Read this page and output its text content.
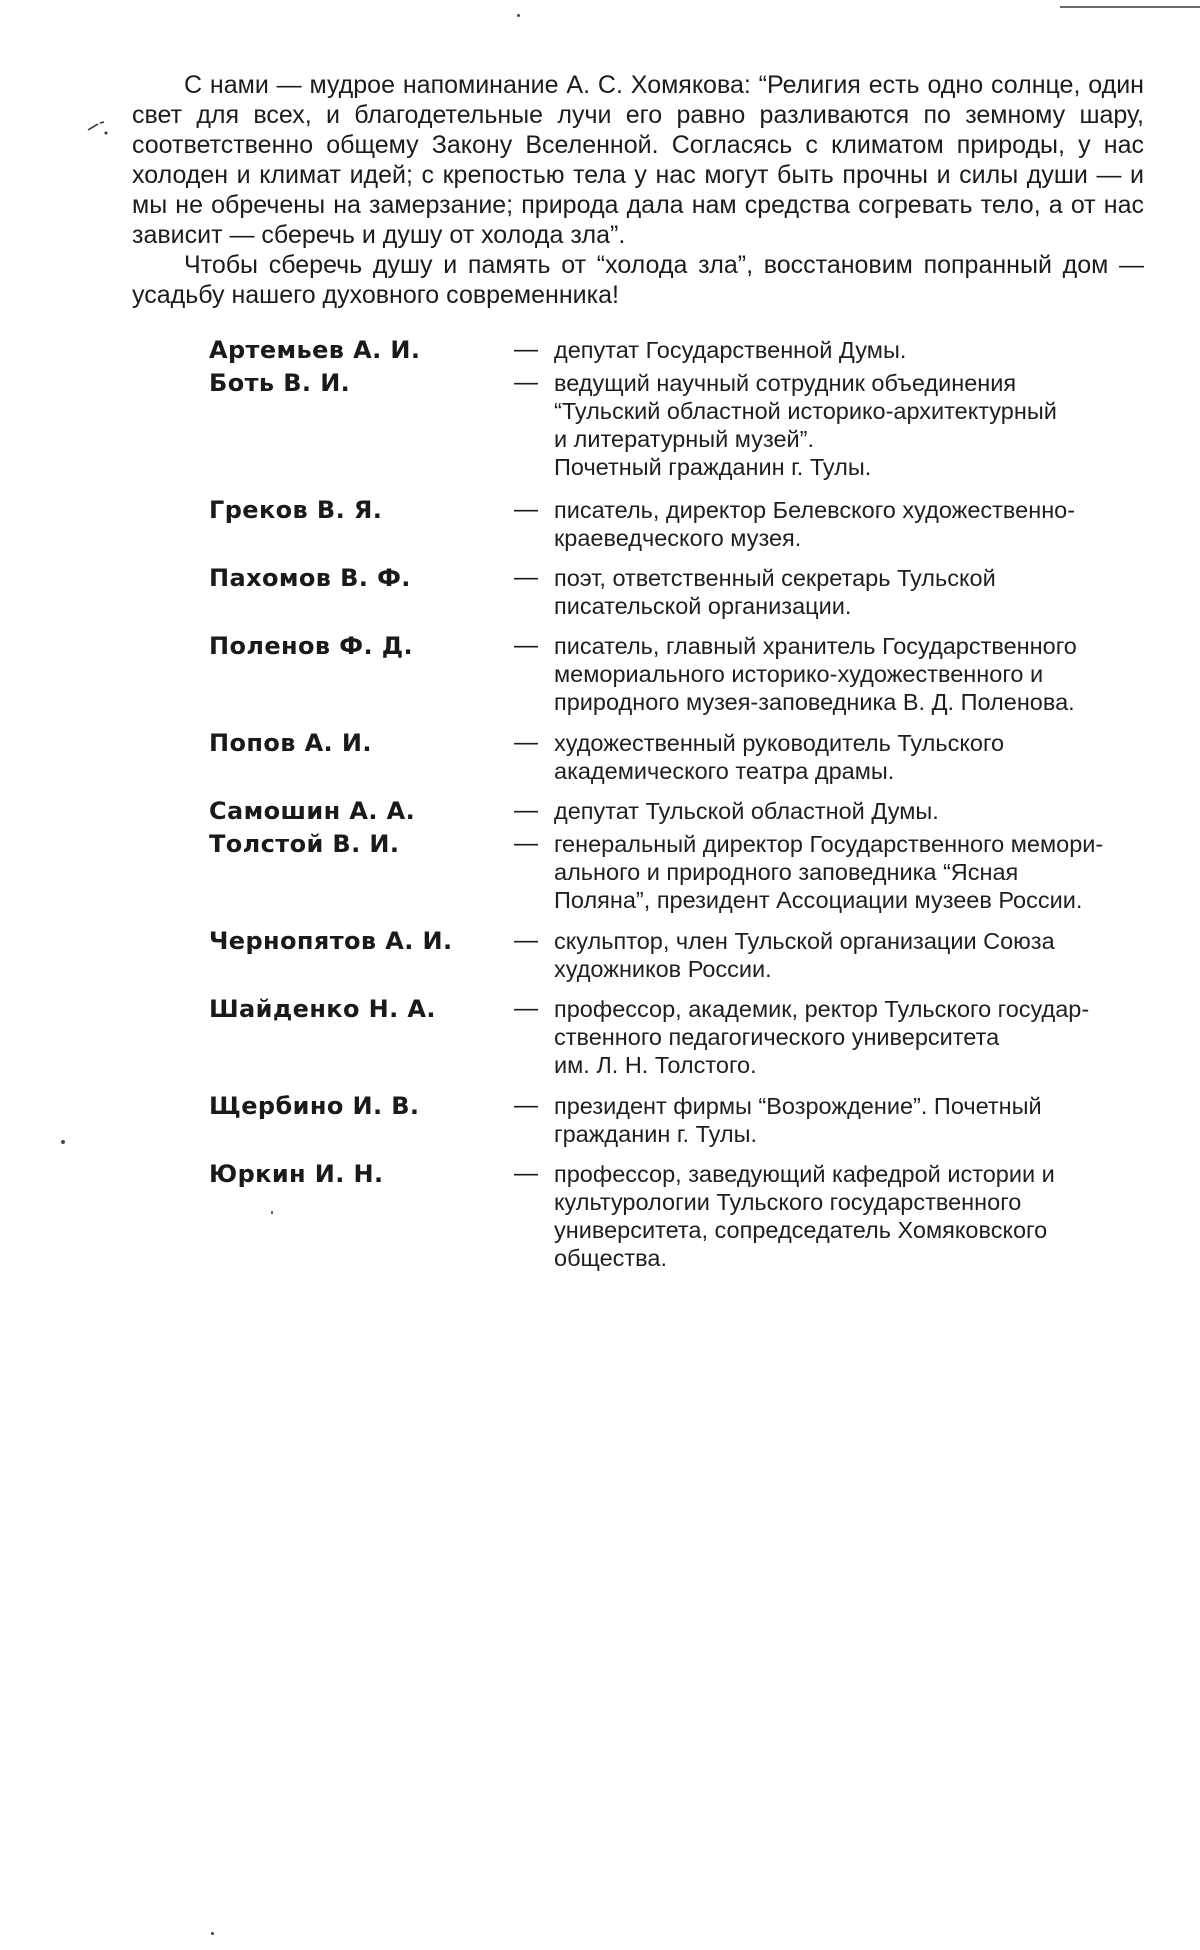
С нами — мудрое напоминание А. С. Хомякова: “Религия есть одно солнце, один свет для всех, и благодетельные лучи его равно разливаются по земному шару, соответственно общему Закону Вселенной. Согласясь с климатом природы, у нас холоден и климат идей; с крепостью тела у нас могут быть прочны и силы души — и мы не обречены на замерзание; природа дала нам средства согревать тело, а от нас зависит — сберечь и душу от холода зла”.

Чтобы сберечь душу и память от “холода зла”, восстановим попранный дом — усадьбу нашего духовного современника!

Артемьев А. И.	— депутат Государственной Думы.
Боть В. И.	— ведущий научный сотрудник объединения
“Тульский областной историко-архитектурный
и литературный музей”.
Почетный гражданин г. Тулы.
Греков В. Я.	— писатель, директор Белевского художественно-
краеведческого музея.
Пахомов В. Ф.	— поэт, ответственный секретарь Тульской
писательской организации.
Поленов Ф. Д.	— писатель, главный хранитель Государственного
мемориального историко-художественного и
природного музея-заповедника В. Д. Поленова.
Попов А. И.	— художественный руководитель Тульского
академического театра драмы.
Самошин А. А.	— депутат Тульской областной Думы.
Толстой В. И.	— генеральный директор Государственного мемори-
ального и природного заповедника “Ясная
Поляна”, президент Ассоциации музеев России.
Чернопятов А. И.	— скульптор, член Тульской организации Союза
художников России.
Шайденко Н. А.	— профессор, академик, ректор Тульского государ-
ственного педагогического университета
им. Л. Н. Толстого.
Щербино И. В.	— президент фирмы “Возрождение”. Почетный
гражданин г. Тулы.
Юркин И. Н.	— профессор, заведующий кафедрой истории и
культурологии Тульского государственного
университета, сопредседатель Хомяковского
общества.
